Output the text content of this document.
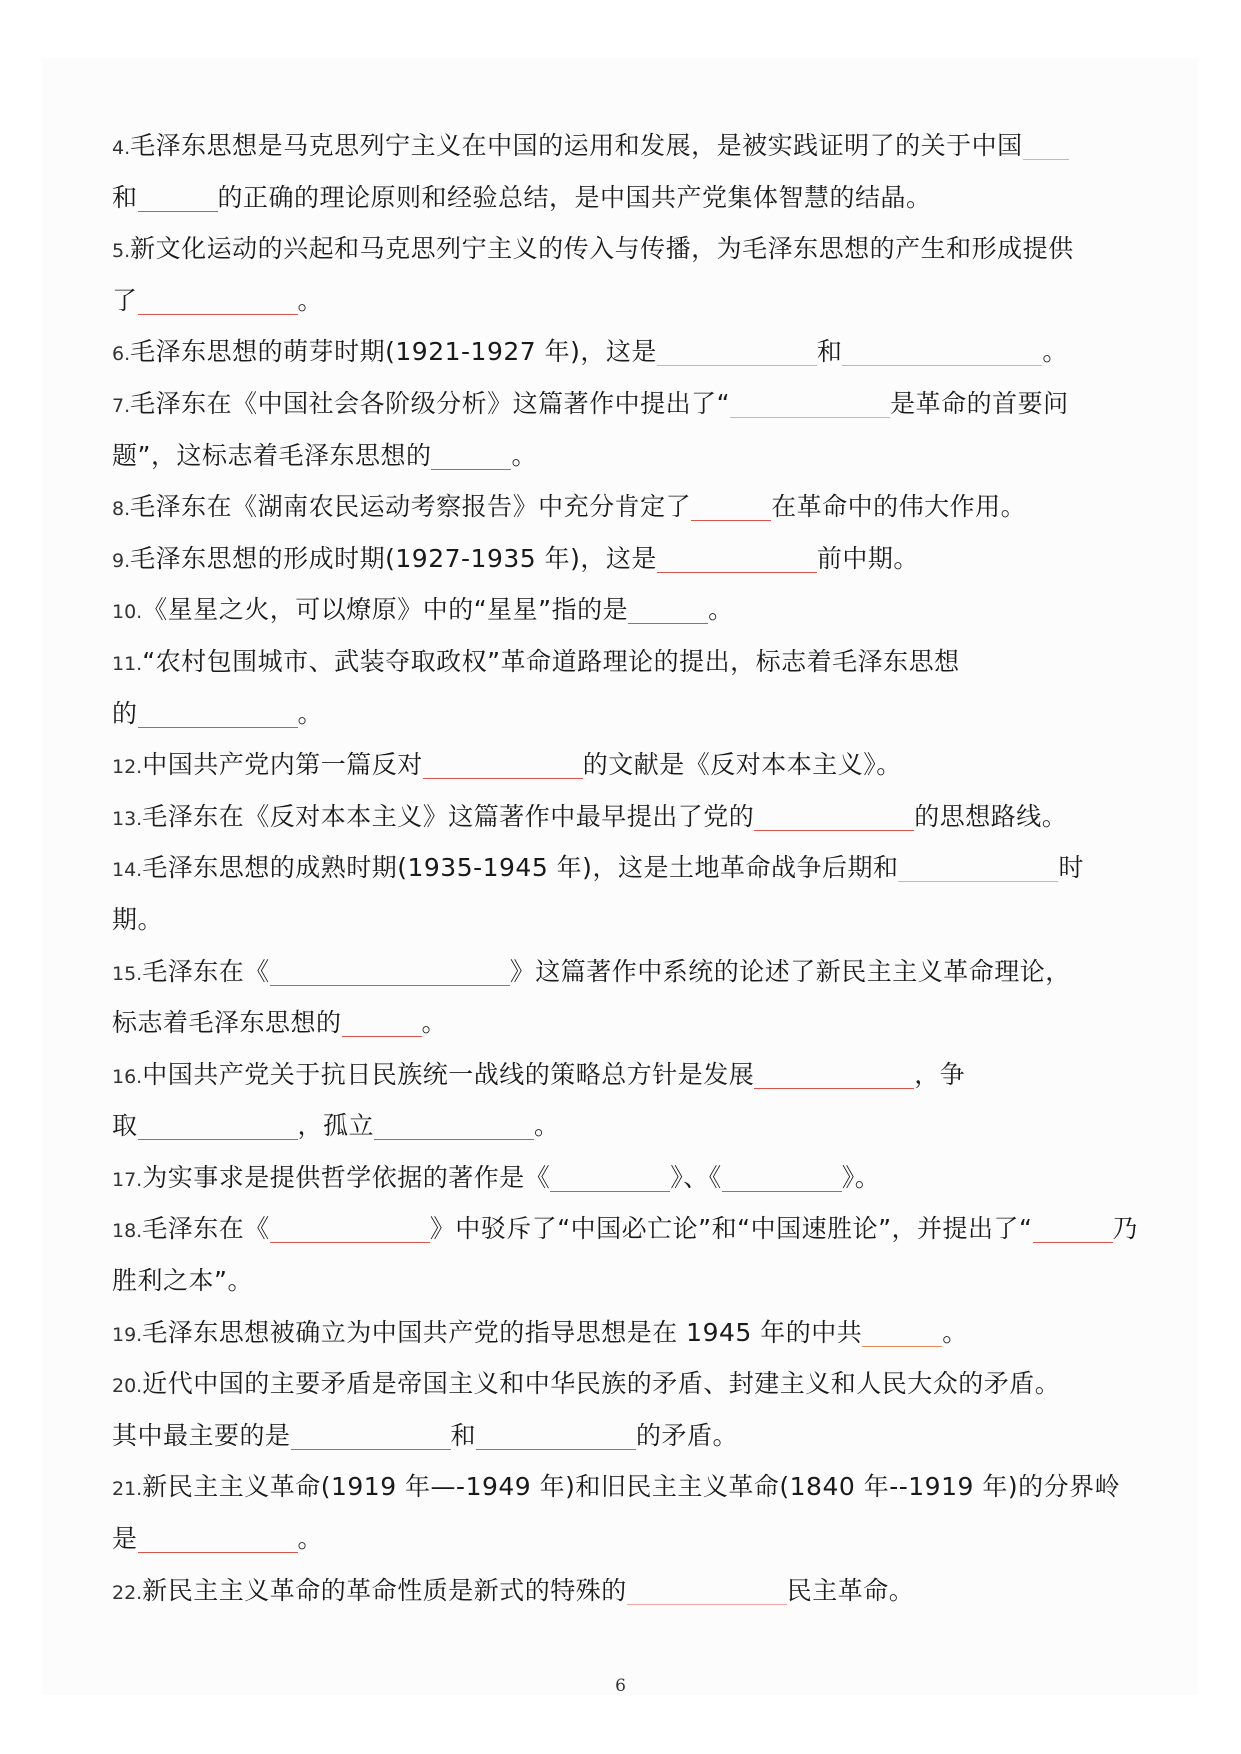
4.毛泽东思想是马克思列宁主义在中国的运用和发展，是被实践证明了的关于中国
和	的正确的理论原则和经验总结，是中国共产党集体智慧的结晶。
5.新文化运动的兴起和马克思列宁主义的传入与传播，为毛泽东思想的产生和形成提供
了	。
6.毛泽东思想的萌芽时期(1921-1927 年)，这是	和	。
7.毛泽东在《中国社会各阶级分析》这篇著作中提出了“	是革命的首要问
题”，这标志着毛泽东思想的	。
8.毛泽东在《湖南农民运动考察报告》中充分肯定了	在革命中的伟大作用。
9.毛泽东思想的形成时期(1927-1935 年)，这是	前中期。
10.《星星之火，可以燎原》中的“星星”指的是	。
11.“农村包围城市、武装夺取政权”革命道路理论的提出，标志着毛泽东思想
的	。
12.中国共产党内第一篇反对	的文献是《反对本本主义》。
13.毛泽东在《反对本本主义》这篇著作中最早提出了党的	的思想路线。
14.毛泽东思想的成熟时期(1935-1945 年)，这是土地革命战争后期和	时
期。
15.毛泽东在《	》这篇著作中系统的论述了新民主主义革命理论，
标志着毛泽东思想的	。
16.中国共产党关于抗日民族统一战线的策略总方针是发展	，争
取	，孤立	。
17.为实事求是提供哲学依据的著作是《	》、《	》。
18.毛泽东在《	》中驳斥了“中国必亡论”和“中国速胜论”，并提出了“	乃
胜利之本”。
19.毛泽东思想被确立为中国共产党的指导思想是在 1945 年的中共	。
20.近代中国的主要矛盾是帝国主义和中华民族的矛盾、封建主义和人民大众的矛盾。
其中最主要的是	和	的矛盾。
21.新民主主义革命(1919 年—-1949 年)和旧民主主义革命(1840 年--1919 年)的分界岭
是	。
22.新民主主义革命的革命性质是新式的特殊的	民主革命。
6
